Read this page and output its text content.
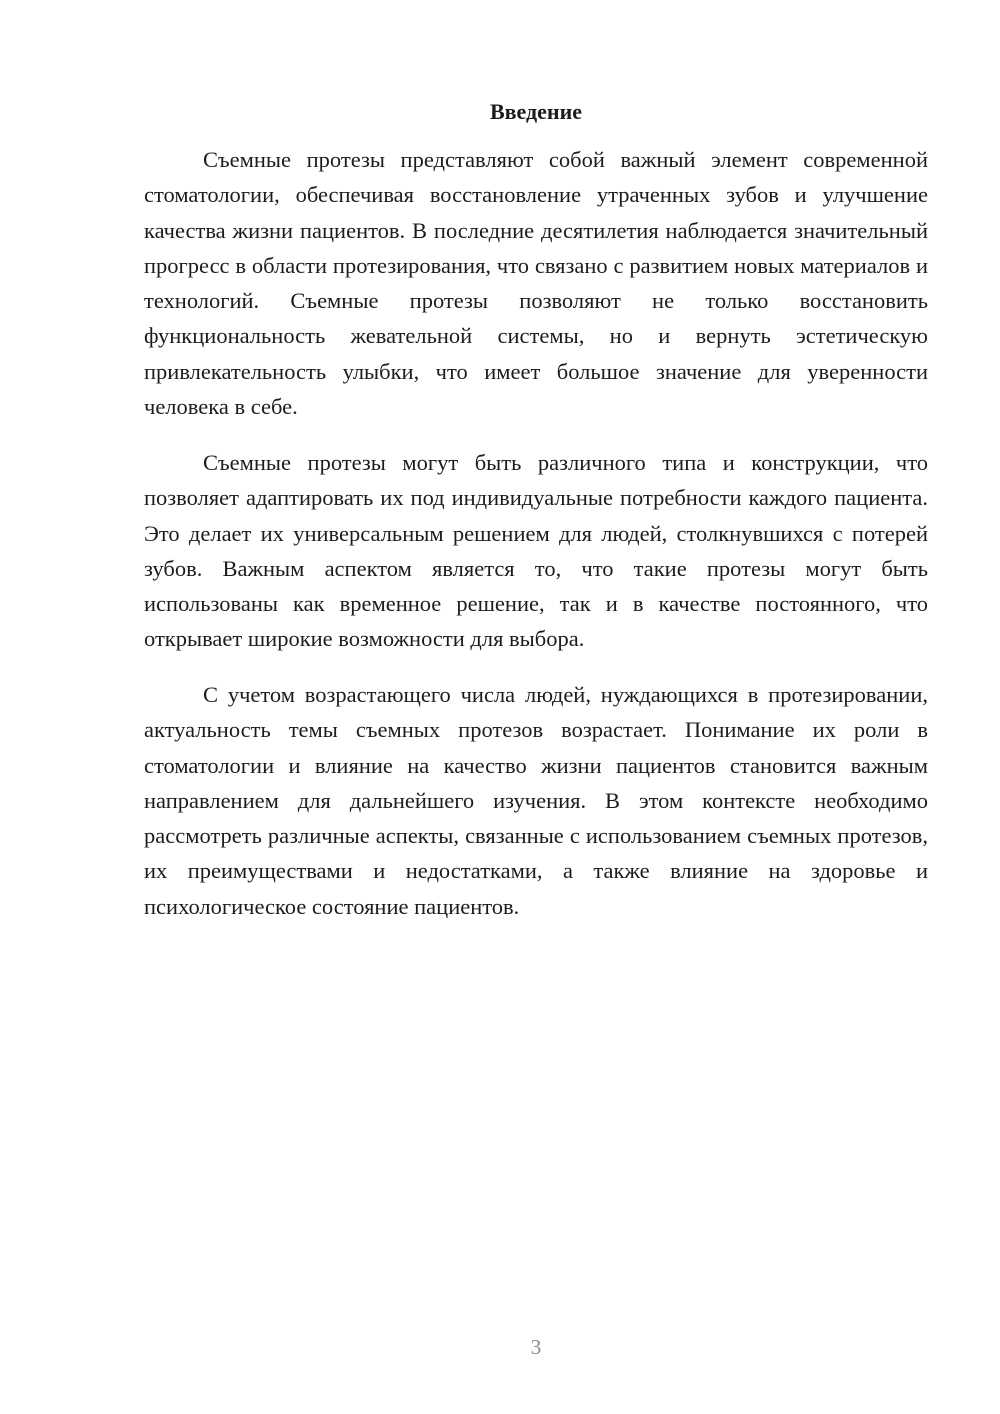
Введение

Съемные протезы представляют собой важный элемент современной стоматологии, обеспечивая восстановление утраченных зубов и улучшение качества жизни пациентов. В последние десятилетия наблюдается значительный прогресс в области протезирования, что связано с развитием новых материалов и технологий. Съемные протезы позволяют не только восстановить функциональность жевательной системы, но и вернуть эстетическую привлекательность улыбки, что имеет большое значение для уверенности человека в себе.

Съемные протезы могут быть различного типа и конструкции, что позволяет адаптировать их под индивидуальные потребности каждого пациента. Это делает их универсальным решением для людей, столкнувшихся с потерей зубов. Важным аспектом является то, что такие протезы могут быть использованы как временное решение, так и в качестве постоянного, что открывает широкие возможности для выбора.

С учетом возрастающего числа людей, нуждающихся в протезировании, актуальность темы съемных протезов возрастает. Понимание их роли в стоматологии и влияние на качество жизни пациентов становится важным направлением для дальнейшего изучения. В этом контексте необходимо рассмотреть различные аспекты, связанные с использованием съемных протезов, их преимуществами и недостатками, а также влияние на здоровье и психологическое состояние пациентов.

3
